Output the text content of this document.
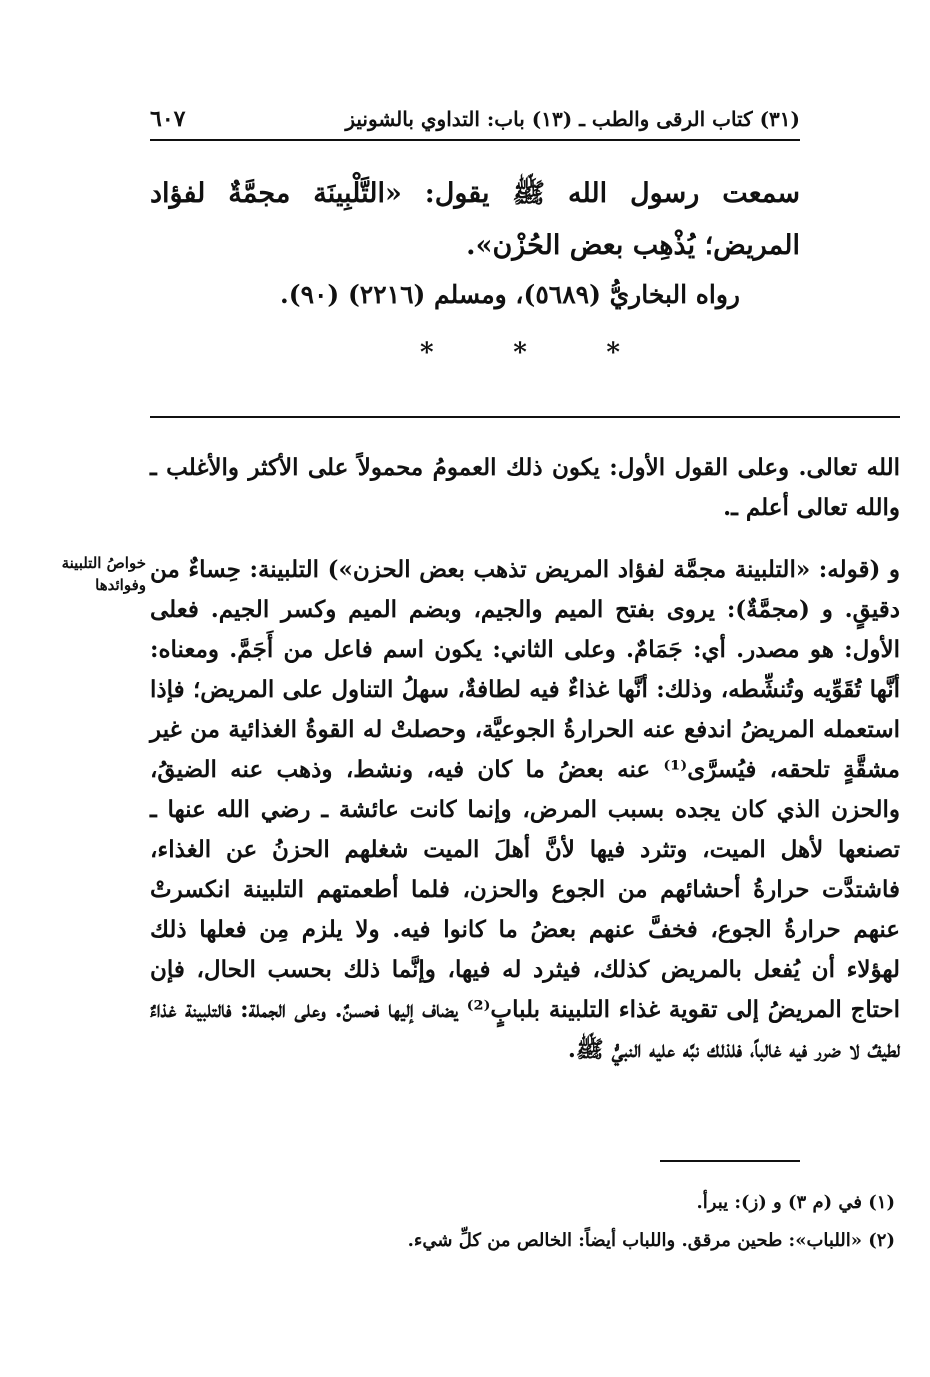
(٣١) كتاب الرقى والطب ـ (١٣) باب: التداوي بالشونيز
٦٠٧
سمعت رسول الله ﷺ يقول: «التَّلْبِينَة مجمَّةٌ لفؤاد المريض؛ يُذْهِب بعض الحُزْن».
رواه البخاريُّ (٥٦٨٩)، ومسلم (٢٢١٦) (٩٠).
*	*	*

الله تعالى. وعلى القول الأول: يكون ذلك العمومُ محمولاً على الأكثر والأغلب ـ والله تعالى أعلم ـ.

و (قوله: «التلبينة مجمَّة لفؤاد المريض تذهب بعض الحزن») التلبينة: حِساءٌ من دقيقٍ. و (مجمَّةٌ): يروى بفتح الميم والجيم، وبضم الميم وكسر الجيم. فعلى الأول: هو مصدر. أي: جَمَامٌ. وعلى الثاني: يكون اسم فاعل من أَجَمَّ. ومعناه: أنَّها تُقَوِّيه وتُنشِّطه، وذلك: أنَّها غذاءٌ فيه لطافةٌ، سهلُ التناول على المريض؛ فإذا استعمله المريضُ اندفع عنه الحرارةُ الجوعيَّة، وحصلتْ له القوةُ الغذائية من غير مشقَّةٍ تلحقه، فيُسرَّى⁽¹⁾ عنه بعضُ ما كان فيه، ونشط، وذهب عنه الضيقُ، والحزن الذي كان يجده بسبب المرض، وإنما كانت عائشة ـ رضي الله عنها ـ تصنعها لأهل الميت، وتثرد فيها لأنَّ أهلَ الميت شغلهم الحزنُ عن الغذاء، فاشتدَّت حرارةُ أحشائهم من الجوع والحزن، فلما أطعمتهم التلبينة انكسرتْ عنهم حرارةُ الجوع، فخفَّ عنهم بعضُ ما كانوا فيه. ولا يلزم مِن فعلها ذلك لهؤلاء أن يُفعل بالمريض كذلك، فيثرد له فيها، وإنَّما ذلك بحسب الحال، فإن احتاج المريضُ إلى تقوية غذاء التلبينة بلبابٍ⁽²⁾ يضاف إليها فحسنٌ. وعلى الجملة: فالتلبينة غذاءٌ لطيفٌ لا ضرر فيه غالباً، فلذلك نبَّه عليه النبيُّ ﷺ.

خواصُ التلبينة وفوائدها
(١) في (م ٣) و (ز): يبرأ.
(٢) «اللباب»: طحين مرقق. واللباب أيضاً: الخالص من كلِّ شيء.
